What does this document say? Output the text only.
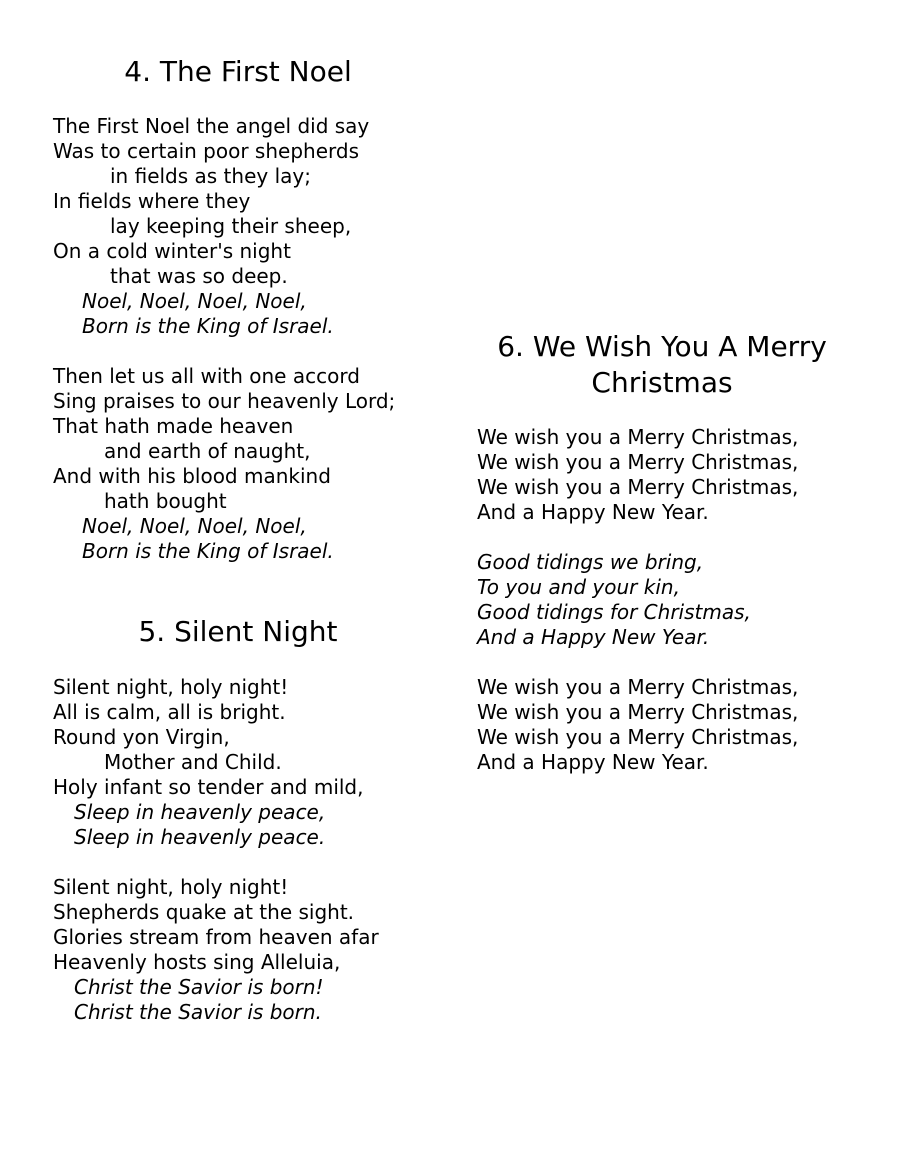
4. The First Noel
The First Noel the angel did say
Was to certain poor shepherds
in fields as they lay;
In fields where they
lay keeping their sheep,
On a cold winter's night
that was so deep.
Noel, Noel, Noel, Noel,
Born is the King of Israel.
Then let us all with one accord
Sing praises to our heavenly Lord;
That hath made heaven
and earth of naught,
And with his blood mankind
hath bought
Noel, Noel, Noel, Noel,
Born is the King of Israel.
5. Silent Night
Silent night, holy night!
All is calm, all is bright.
Round yon Virgin,
Mother and Child.
Holy infant so tender and mild,
Sleep in heavenly peace,
Sleep in heavenly peace.
Silent night, holy night!
Shepherds quake at the sight.
Glories stream from heaven afar
Heavenly hosts sing Alleluia,
Christ the Savior is born!
Christ the Savior is born.
6. We Wish You A Merry
Christmas
We wish you a Merry Christmas,
We wish you a Merry Christmas,
We wish you a Merry Christmas,
And a Happy New Year.
Good tidings we bring,
To you and your kin,
Good tidings for Christmas,
And a Happy New Year.
We wish you a Merry Christmas,
We wish you a Merry Christmas,
We wish you a Merry Christmas,
And a Happy New Year.
